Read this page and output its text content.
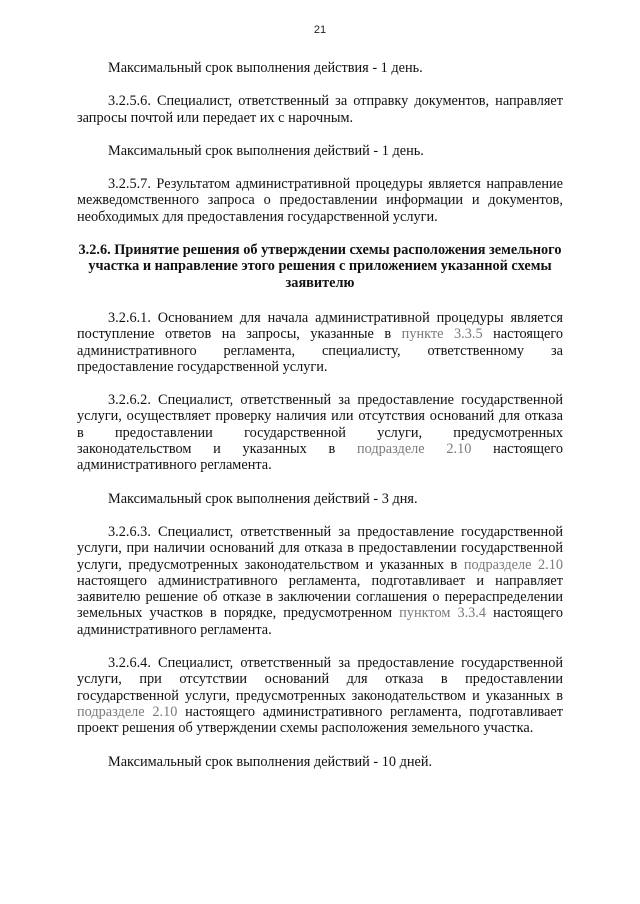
21

Максимальный срок выполнения действия - 1 день.

3.2.5.6. Специалист, ответственный за отправку документов, направляет запросы почтой или передает их с нарочным.

Максимальный срок выполнения действий - 1 день.

3.2.5.7. Результатом административной процедуры является направление межведомственного запроса о предоставлении информации и документов, необходимых для предоставления государственной услуги.

3.2.6. Принятие решения об утверждении схемы расположения земельного участка и направление этого решения с приложением указанной схемы заявителю

3.2.6.1. Основанием для начала административной процедуры является поступление ответов на запросы, указанные в пункте 3.3.5 настоящего административного регламента, специалисту, ответственному за предоставление государственной услуги.

3.2.6.2. Специалист, ответственный за предоставление государственной услуги, осуществляет проверку наличия или отсутствия оснований для отказа в предоставлении государственной услуги, предусмотренных законодательством и указанных в подразделе 2.10 настоящего административного регламента.

Максимальный срок выполнения действий - 3 дня.

3.2.6.3. Специалист, ответственный за предоставление государственной услуги, при наличии оснований для отказа в предоставлении государственной услуги, предусмотренных законодательством и указанных в подразделе 2.10 настоящего административного регламента, подготавливает и направляет заявителю решение об отказе в заключении соглашения о перераспределении земельных участков в порядке, предусмотренном пунктом 3.3.4 настоящего административного регламента.

3.2.6.4. Специалист, ответственный за предоставление государственной услуги, при отсутствии оснований для отказа в предоставлении государственной услуги, предусмотренных законодательством и указанных в подразделе 2.10 настоящего административного регламента, подготавливает проект решения об утверждении схемы расположения земельного участка.

Максимальный срок выполнения действий - 10 дней.
